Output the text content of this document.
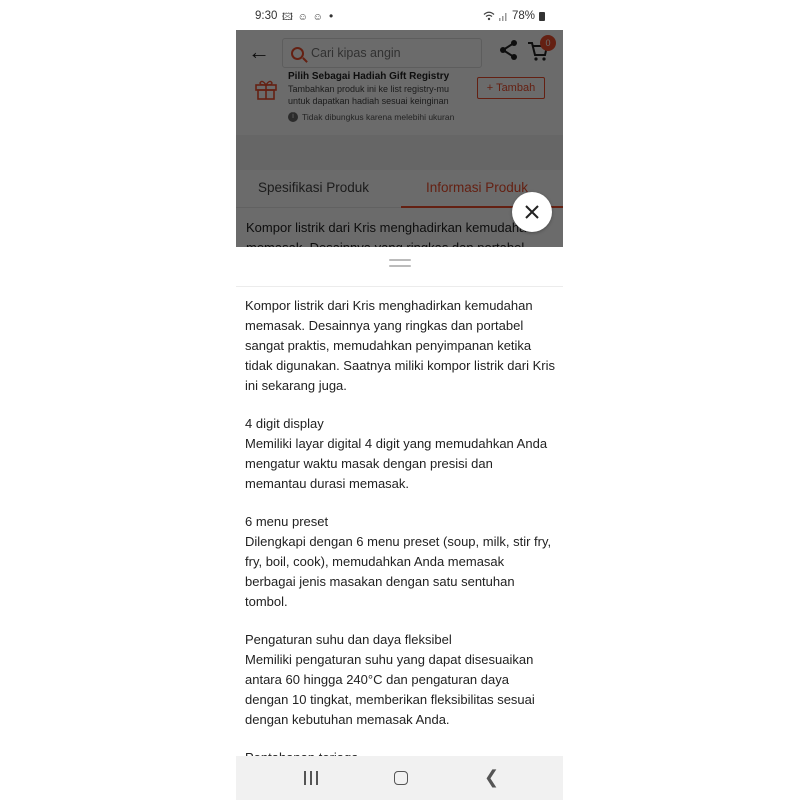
9:30 🖾 ☺ ☺ •	78%
Cari kipas angin
Kompor listrik dari Kris menghadirkan kemudahan memasak. Desainnya yang ringkas dan portabel sangat praktis, memudahkan penyimpanan ketika tidak digunakan. Saatnya miliki kompor listrik dari Kris ini sekarang juga.
4 digit display
Memiliki layar digital 4 digit yang memudahkan Anda mengatur waktu masak dengan presisi dan memantau durasi memasak.
6 menu preset
Dilengkapi dengan 6 menu preset (soup, milk, stir fry, fry, boil, cook), memudahkan Anda memasak berbagai jenis masakan dengan satu sentuhan tombol.
Pengaturan suhu dan daya fleksibel
Memiliki pengaturan suhu yang dapat disesuaikan antara 60 hingga 240°C dan pengaturan daya dengan 10 tingkat, memberikan fleksibilitas sesuai dengan kebutuhan memasak Anda.
❮
